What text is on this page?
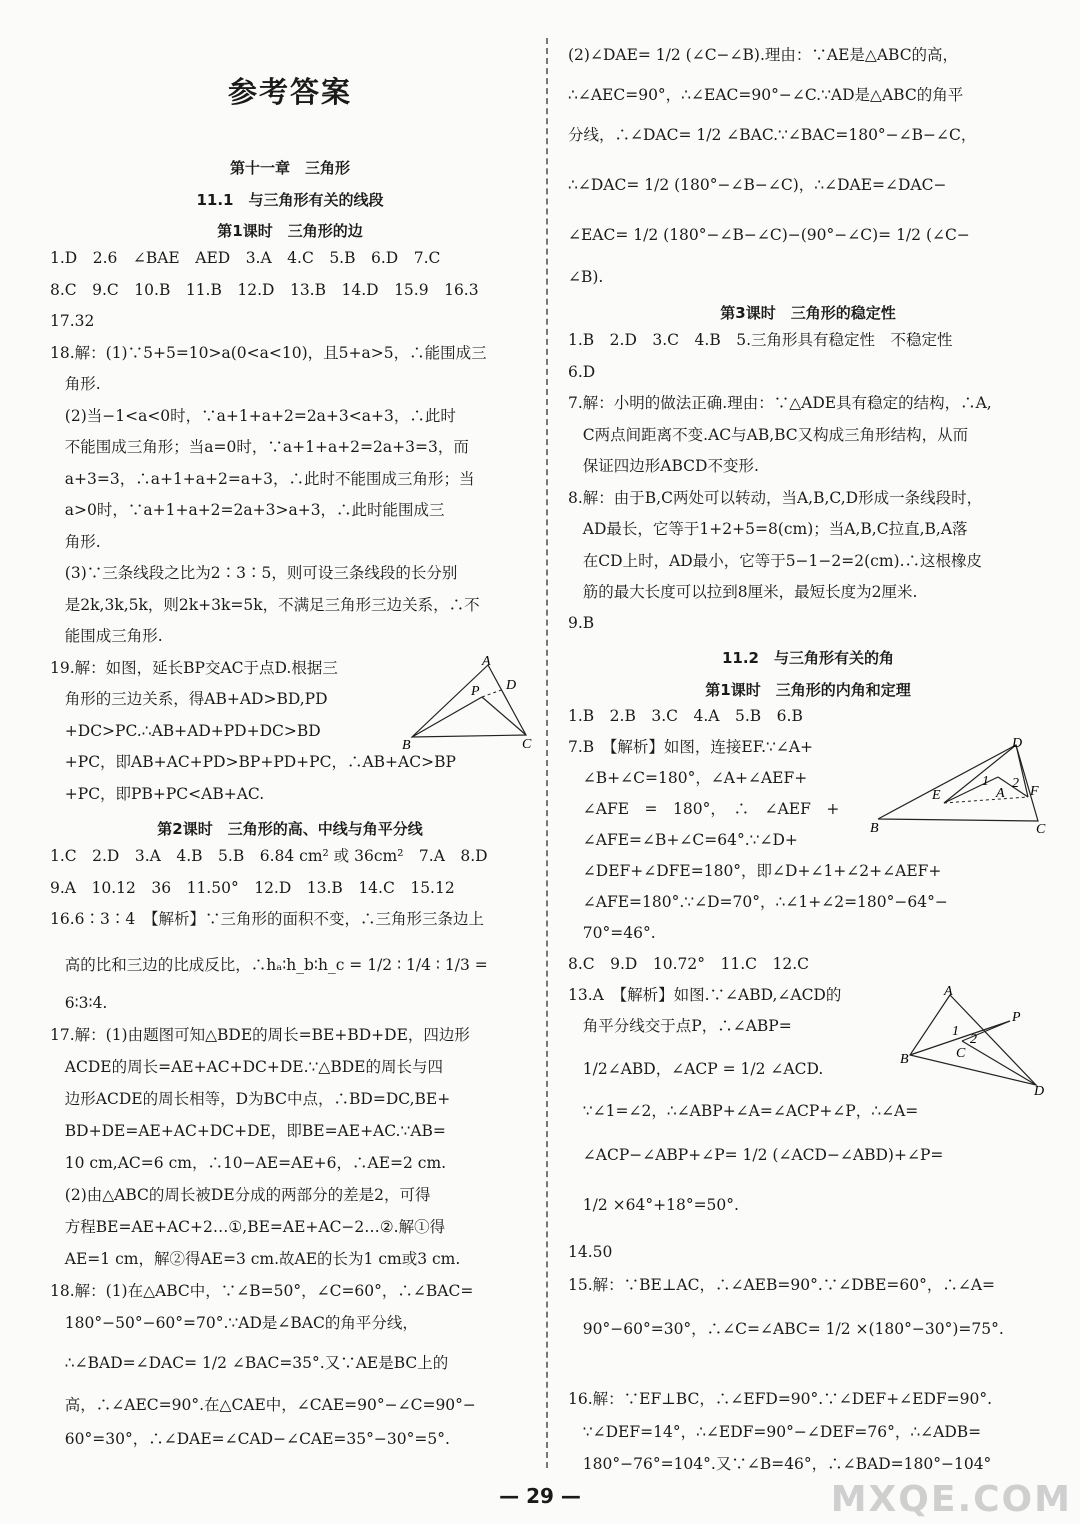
参考答案
第十一章　三角形
11.1　与三角形有关的线段
第1课时　三角形的边
1.D　2.6　∠BAE　AED　3.A　4.C　5.B　6.D　7.C
8.C　9.C　10.B　11.B　12.D　13.B　14.D　15.9　16.3
17.32
18.解：(1)∵5+5=10>a(0<a<10)，且5+a>5，∴能围成三
角形.
(2)当−1<a<0时，∵a+1+a+2=2a+3<a+3，∴此时
不能围成三角形；当a=0时，∵a+1+a+2=2a+3=3，而
a+3=3，∴a+1+a+2=a+3，∴此时不能围成三角形；当
a>0时，∵a+1+a+2=2a+3>a+3，∴此时能围成三
角形.
(3)∵三条线段之比为2∶3∶5，则可设三条线段的长分别
是2k,3k,5k，则2k+3k=5k，不满足三角形三边关系，∴不
能围成三角形.
19.解：如图，延长BP交AC于点D.根据三
角形的三边关系，得AB+AD>BD,PD
+DC>PC.∴AB+AD+PD+DC>BD
+PC，即AB+AC+PD>BP+PD+PC，∴AB+AC>BP
+PC，即PB+PC<AB+AC.
A
B	C
P D
第2课时　三角形的高、中线与角平分线
1.C　2.D　3.A　4.B　5.B　6.84 cm² 或 36cm²　7.A　8.D
9.A　10.12　36　11.50°　12.D　13.B　14.C　15.12
16.6∶3∶4　【解析】∵三角形的面积不变，∴三角形三条边上
高的比和三边的比成反比，∴hₐ∶h_b∶h_c = 1/2 ∶ 1/4 ∶ 1/3 =
6∶3∶4.
17.解：(1)由题图可知△BDE的周长=BE+BD+DE，四边形
ACDE的周长=AE+AC+DC+DE.∵△BDE的周长与四
边形ACDE的周长相等，D为BC中点，∴BD=DC,BE+
BD+DE=AE+AC+DC+DE，即BE=AE+AC.∵AB=
10 cm,AC=6 cm，∴10−AE=AE+6，∴AE=2 cm.
(2)由△ABC的周长被DE分成的两部分的差是2，可得
方程BE=AE+AC+2…①,BE=AE+AC−2…②.解①得
AE=1 cm，解②得AE=3 cm.故AE的长为1 cm或3 cm.
18.解：(1)在△ABC中，∵∠B=50°，∠C=60°，∴∠BAC=
180°−50°−60°=70°.∵AD是∠BAC的角平分线，
∴∠BAD=∠DAC= 1/2 ∠BAC=35°.又∵AE是BC上的
高，∴∠AEC=90°.在△CAE中，∠CAE=90°−∠C=90°−
60°=30°，∴∠DAE=∠CAD−∠CAE=35°−30°=5°.
(2)∠DAE= 1/2 (∠C−∠B).理由：∵AE是△ABC的高，
∴∠AEC=90°，∴∠EAC=90°−∠C.∵AD是△ABC的角平
分线，∴∠DAC= 1/2 ∠BAC.∵∠BAC=180°−∠B−∠C，
∴∠DAC= 1/2 (180°−∠B−∠C)，∴∠DAE=∠DAC−
∠EAC= 1/2 (180°−∠B−∠C)−(90°−∠C)= 1/2 (∠C−
∠B).
第3课时　三角形的稳定性
1.B　2.D　3.C　4.B　5.三角形具有稳定性　不稳定性
6.D
7.解：小明的做法正确.理由：∵△ADE具有稳定的结构，∴A,
C两点间距离不变.AC与AB,BC又构成三角形结构，从而
保证四边形ABCD不变形.
8.解：由于B,C两处可以转动，当A,B,C,D形成一条线段时，
AD最长，它等于1+2+5=8(cm)；当A,B,C拉直,B,A落
在CD上时，AD最小，它等于5−1−2=2(cm).∴这根橡皮
筋的最大长度可以拉到8厘米，最短长度为2厘米.
9.B
11.2　与三角形有关的角
第1课时　三角形的内角和定理
1.B　2.B　3.C　4.A　5.B　6.B
7.B　【解析】如图，连接EF.∵∠A+
∠B+∠C=180°，∠A+∠AEF+
∠AFE　=　180°，　∴　∠AEF　+
∠AFE=∠B+∠C=64°.∵∠D+
∠DEF+∠DFE=180°，即∠D+∠1+∠2+∠AEF+
∠AFE=180°.∵∠D=70°，∴∠1+∠2=180°−64°−
70°=46°.
D
E	F
A
B	C
1 2
8.C　9.D　10.72°　11.C　12.C
13.A　【解析】如图.∵∠ABD,∠ACD的
角平分线交于点P，∴∠ABP=
1/2∠ABD，∠ACP = 1/2 ∠ACD.
∵∠1=∠2，∴∠ABP+∠A=∠ACP+∠P，∴∠A=
∠ACP−∠ABP+∠P= 1/2 (∠ACD−∠ABD)+∠P=
1/2 ×64°+18°=50°.
14.50
15.解：∵BE⊥AC，∴∠AEB=90°.∵∠DBE=60°，∴∠A=
90°−60°=30°，∴∠C=∠ABC= 1/2 ×(180°−30°)=75°.
16.解：∵EF⊥BC，∴∠EFD=90°.∵∠DEF+∠EDF=90°.
∵∠DEF=14°，∴∠EDF=90°−∠DEF=76°，∴∠ADB=
180°−76°=104°.又∵∠B=46°，∴∠BAD=180°−104°
A
B	C
P
D
1
2
— 29 —	MXQE.COM
